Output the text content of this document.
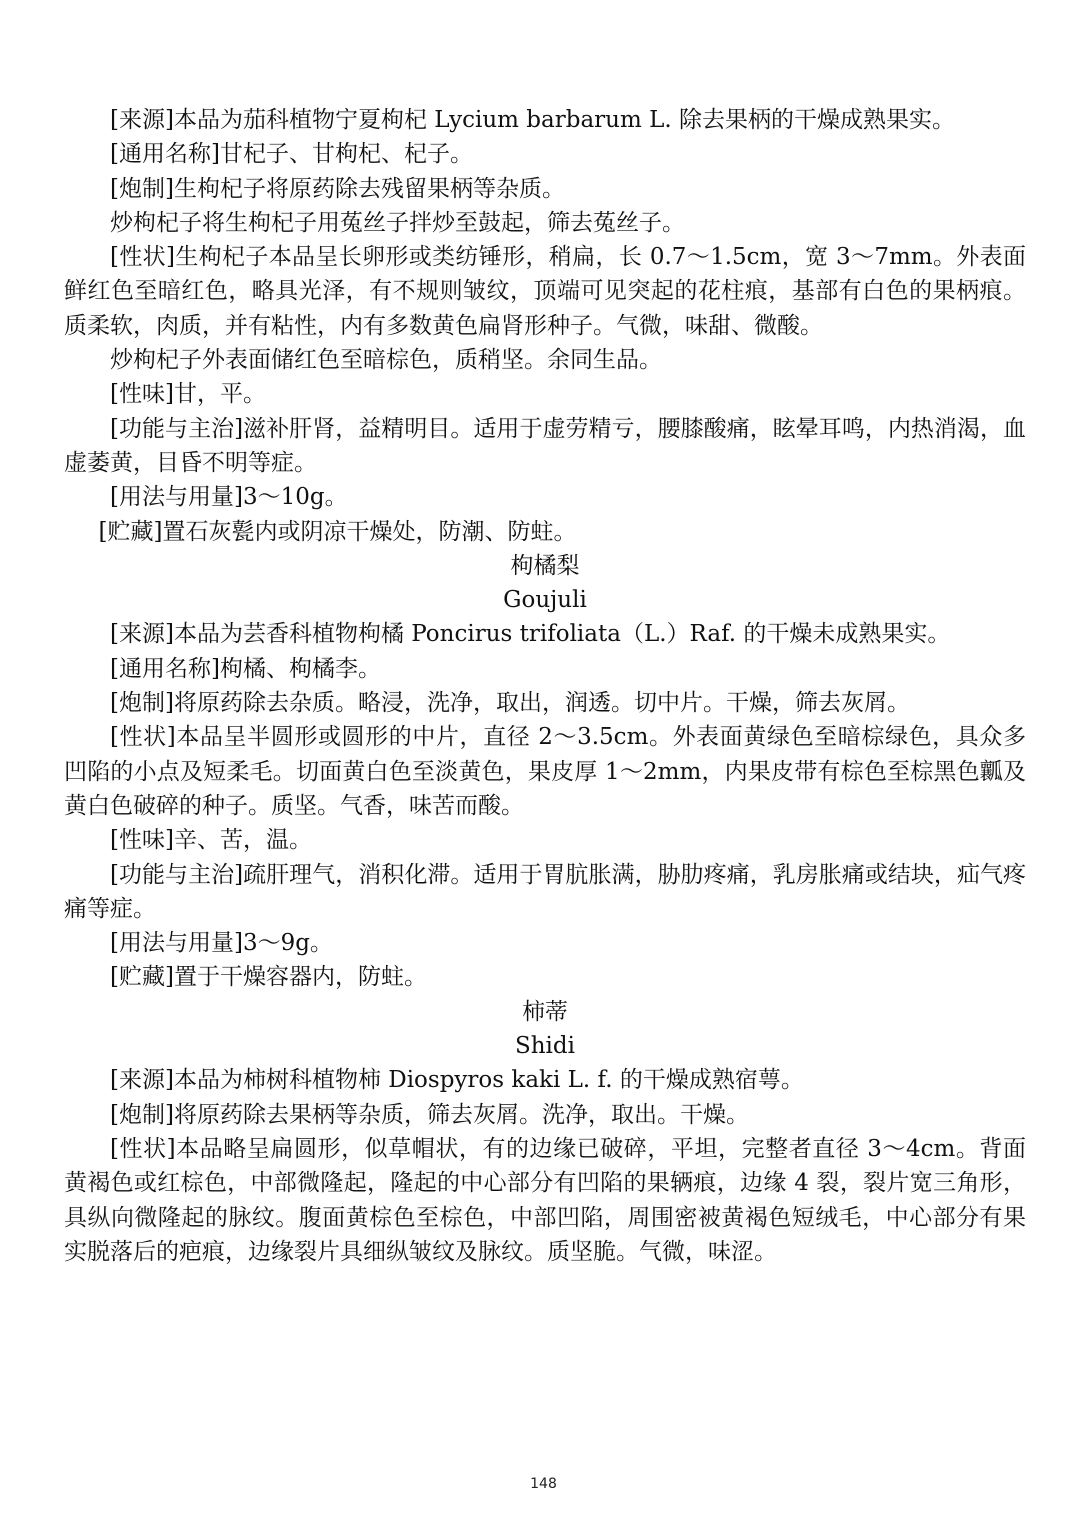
[来源]本品为茄科植物宁夏枸杞 Lycium barbarum L. 除去果柄的干燥成熟果实。

[通用名称]甘杞子、甘枸杞、杞子。

[炮制]生枸杞子将原药除去残留果柄等杂质。

炒枸杞子将生枸杞子用菟丝子拌炒至鼓起，筛去菟丝子。

[性状]生枸杞子本品呈长卵形或类纺锤形，稍扁，长 0.7～1.5cm，宽 3～7mm。外表面鲜红色至暗红色，略具光泽，有不规则皱纹，顶端可见突起的花柱痕，基部有白色的果柄痕。质柔软，肉质，并有粘性，内有多数黄色扁肾形种子。气微，味甜、微酸。

炒枸杞子外表面储红色至暗棕色，质稍坚。余同生品。

[性味]甘，平。

[功能与主治]滋补肝肾，益精明目。适用于虚劳精亏，腰膝酸痛，眩晕耳鸣，内热消渴，血虚萎黄，目昏不明等症。

[用法与用量]3～10g。

[贮藏]置石灰甏内或阴凉干燥处，防潮、防蛀。

枸橘梨

Goujuli

[来源]本品为芸香科植物枸橘 Poncirus trifoliata（L.）Raf. 的干燥未成熟果实。

[通用名称]枸橘、枸橘李。

[炮制]将原药除去杂质。略浸，洗净，取出，润透。切中片。干燥，筛去灰屑。

[性状]本品呈半圆形或圆形的中片，直径 2～3.5cm。外表面黄绿色至暗棕绿色，具众多凹陷的小点及短柔毛。切面黄白色至淡黄色，果皮厚 1～2mm，内果皮带有棕色至棕黑色瓤及黄白色破碎的种子。质坚。气香，味苦而酸。

[性味]辛、苦，温。

[功能与主治]疏肝理气，消积化滞。适用于胃肮胀满，胁肋疼痛，乳房胀痛或结块，疝气疼痛等症。

[用法与用量]3～9g。

[贮藏]置于干燥容器内，防蛀。

柿蒂

Shidi

[来源]本品为柿树科植物柿 Diospyros kaki L. f. 的干燥成熟宿萼。

[炮制]将原药除去果柄等杂质，筛去灰屑。洗净，取出。干燥。

[性状]本品略呈扁圆形，似草帽状，有的边缘已破碎，平坦，完整者直径 3～4cm。背面黄褐色或红棕色，中部微隆起，隆起的中心部分有凹陷的果辆痕，边缘 4 裂，裂片宽三角形，具纵向微隆起的脉纹。腹面黄棕色至棕色，中部凹陷，周围密被黄褐色短绒毛，中心部分有果实脱落后的疤痕，边缘裂片具细纵皱纹及脉纹。质坚脆。气微，味涩。

148
